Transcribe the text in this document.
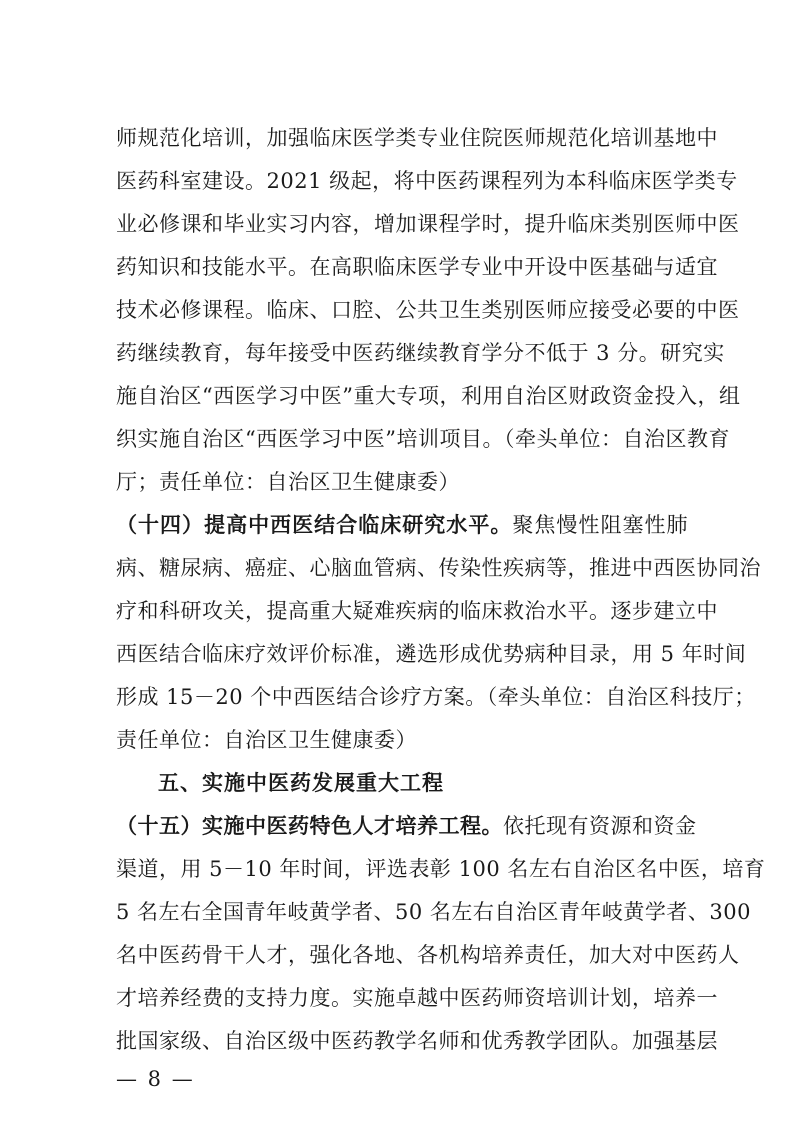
师规范化培训，加强临床医学类专业住院医师规范化培训基地中
医药科室建设。2021 级起，将中医药课程列为本科临床医学类专
业必修课和毕业实习内容，增加课程学时，提升临床类别医师中医
药知识和技能水平。在高职临床医学专业中开设中医基础与适宜
技术必修课程。临床、口腔、公共卫生类别医师应接受必要的中医
药继续教育，每年接受中医药继续教育学分不低于 3 分。研究实
施自治区“西医学习中医”重大专项，利用自治区财政资金投入，组
织实施自治区“西医学习中医”培训项目。（牵头单位：自治区教育
厅；责任单位：自治区卫生健康委）
（十四）提高中西医结合临床研究水平。聚焦慢性阻塞性肺
病、糖尿病、癌症、心脑血管病、传染性疾病等，推进中西医协同治
疗和科研攻关，提高重大疑难疾病的临床救治水平。逐步建立中
西医结合临床疗效评价标准，遴选形成优势病种目录，用 5 年时间
形成 15－20 个中西医结合诊疗方案。（牵头单位：自治区科技厅；
责任单位：自治区卫生健康委）
五、实施中医药发展重大工程
（十五）实施中医药特色人才培养工程。依托现有资源和资金
渠道，用 5－10 年时间，评选表彰 100 名左右自治区名中医，培育
5 名左右全国青年岐黄学者、50 名左右自治区青年岐黄学者、300
名中医药骨干人才，强化各地、各机构培养责任，加大对中医药人
才培养经费的支持力度。实施卓越中医药师资培训计划，培养一
批国家级、自治区级中医药教学名师和优秀教学团队。加强基层
— 8 —
